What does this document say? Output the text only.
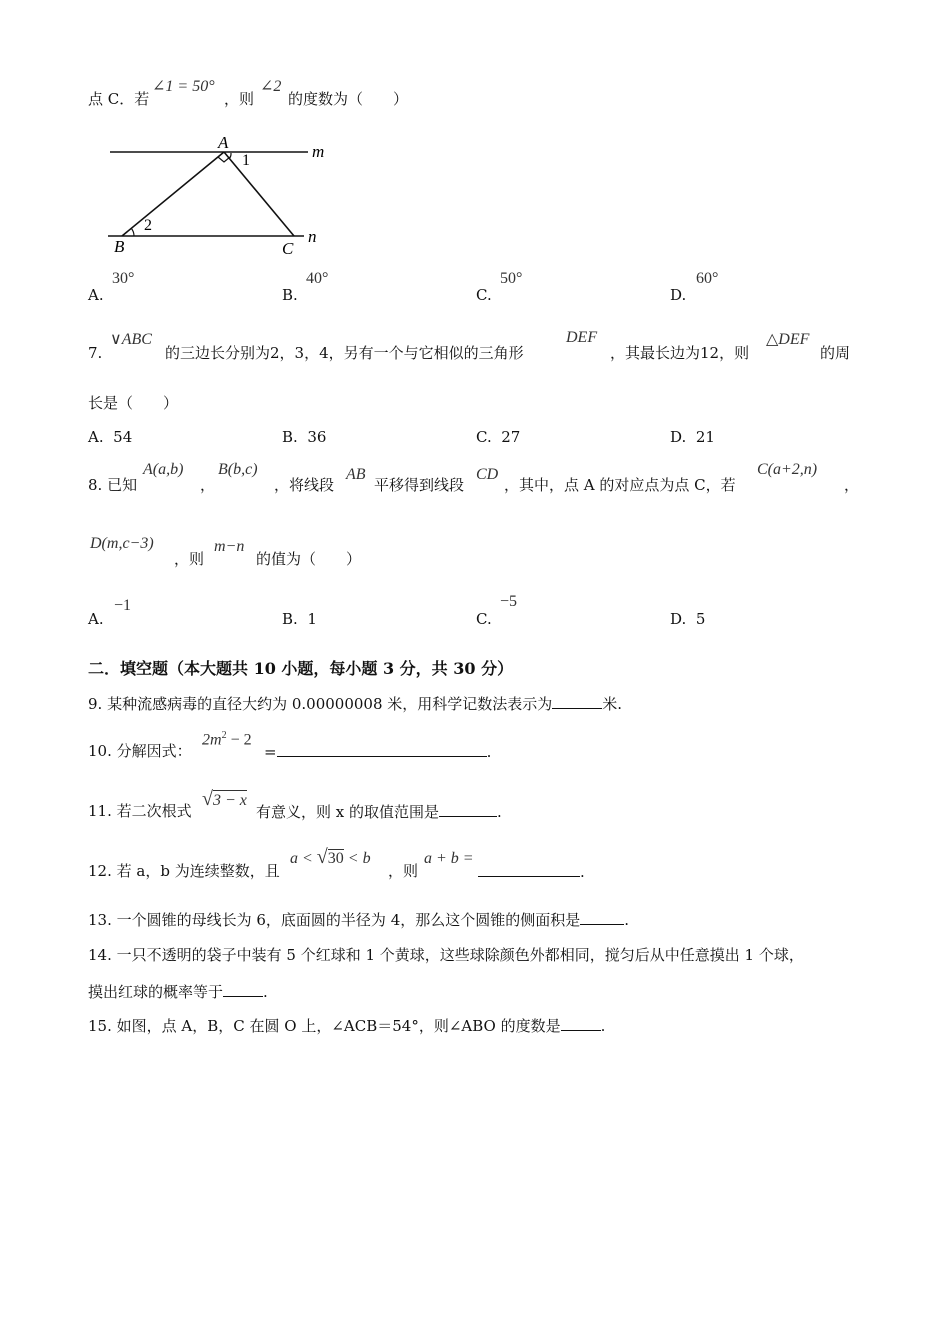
点 C．若
∠1 = 50°
，则
∠2
的度数为（　　）
A
1	m
2
B	C
n
A.
30°
B.
40°
C.
50°
D.
60°
7.
∨ABC
的三边长分别为2，3，4，另有一个与它相似的三角形
DEF
，其最长边为12，则
△DEF
的周
长是（　　）
A. 54	B. 36	C. 27	D. 21
8. 已知
A(a,b)
，
B(b,c)
，将线段
AB
平移得到线段
CD
，其中，点 A 的对应点为点 C，若
C(a+2,n)
，
D(m,c−3)
，则
m−n
的值为（　　）
A.
−1
B. 1	C.
−5
D. 5
二．填空题（本大题共 10 小题，每小题 3 分，共 30 分）
9. 某种流感病毒的直径大约为 0.00000008 米，用科学记数法表示为	米.
10. 分解因式：
$2m^2 - 2$
=	.
11. 若二次根式
√3 − x
有意义，则 x 的取值范围是	.
12. 若 a，b 为连续整数，且
a < √30 < b
，则
a + b =
.
13. 一个圆锥的母线长为 6，底面圆的半径为 4，那么这个圆锥的侧面积是	.
14. 一只不透明的袋子中装有 5 个红球和 1 个黄球，这些球除颜色外都相同，搅匀后从中任意摸出 1 个球，
摸出红球的概率等于	.
15. 如图，点 A，B，C 在圆 O 上，∠ACB＝54°，则∠ABO 的度数是	.
